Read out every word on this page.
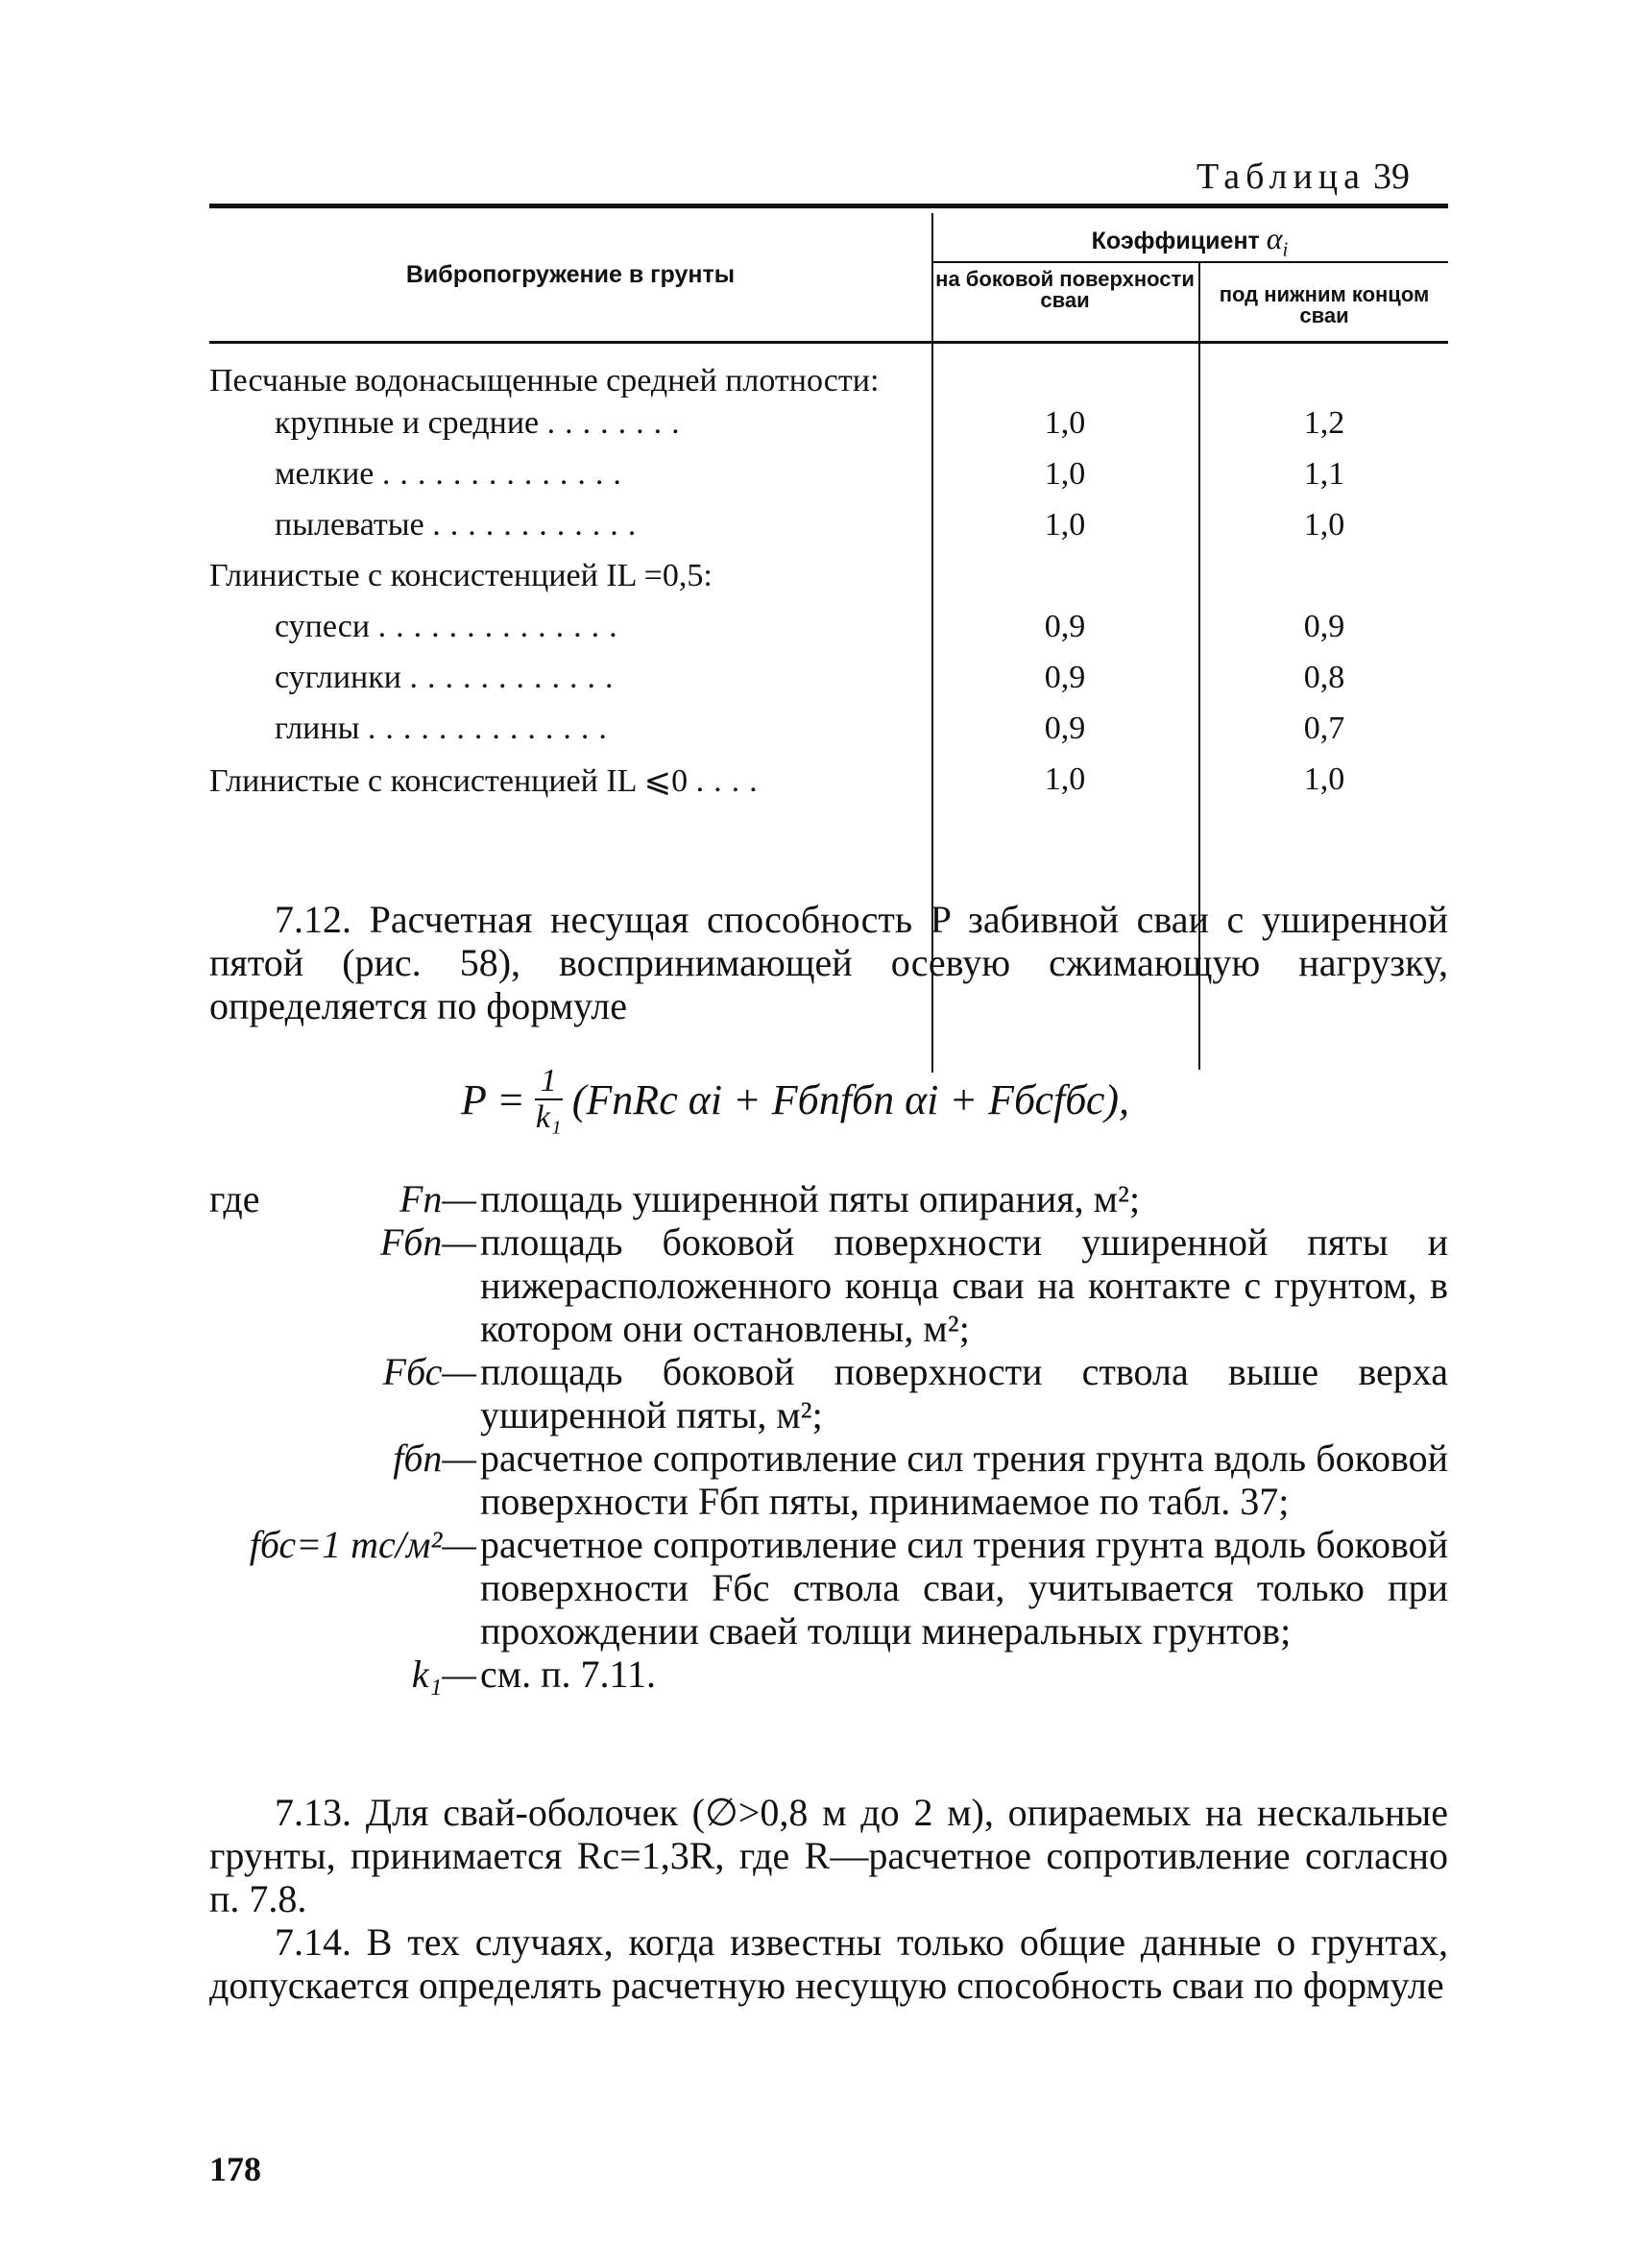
Таблица 39
Вибропогружение в грунты
Коэффициент $\alpha_i$
на боковой поверхности сваи	под нижним концом сваи
Песчаные водонасыщенные средней плотности:
крупные и средние ........	1,0	1,2
мелкие ..............	1,0	1,1
пылеватые ............	1,0	1,0
Глинистые с консистенцией IL =0,5:
супеси ..............	0,9	0,9
суглинки ............	0,9	0,8
глины ..............	0,9	0,7
Глинистые с консистенцией IL ⩽0 ....	1,0	1,0
7.12. Расчетная несущая способность P забивной сваи с уширенной пятой (рис. 58), воспринимающей осевую сжимающую нагрузку, определяется по формуле
$P = \frac{1}{\text{k₁}}$ (FпRc αi + Fбпfбп αi + Fбсfбс),
где	Fп— площадь уширенной пяты опирания, м²;
Fбп— площадь боковой поверхности уширенной пяты и нижерасположенного конца сваи на контакте с грунтом, в котором они остановлены, м²;
Fбс— площадь боковой поверхности ствола выше верха уширенной пяты, м²;
fбп— расчетное сопротивление сил трения грунта вдоль боковой поверхности Fбп пяты, принимаемое по табл. 37;
fбс=1 тс/м²— расчетное сопротивление сил трения грунта вдоль боковой поверхности Fбс ствола сваи, учитывается только при прохождении сваей толщи минеральных грунтов;
k₁— см. п. 7.11.
7.13. Для свай-оболочек (∅>0,8 м до 2 м), опираемых на нескальные грунты, принимается Rc=1,3R, где R—расчетное сопротивление согласно п. 7.8.
7.14. В тех случаях, когда известны только общие данные о грунтах, допускается определять расчетную несущую способность сваи по формуле
178
